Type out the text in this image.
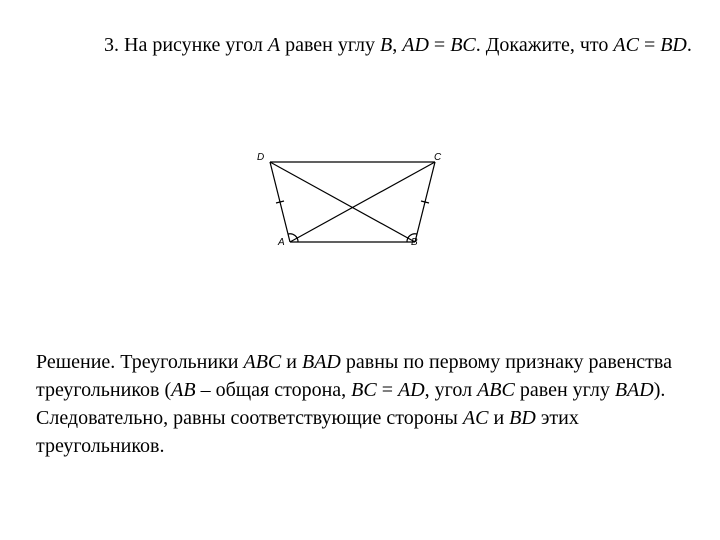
3. На рисунке угол A равен углу B, AD = BC. Докажите, что AC = BD.

D	C
A	B

Решение. Треугольники ABC и BAD равны по первому признаку равенства треугольников (AB – общая сторона, BC = AD, угол ABC равен углу BAD). Следовательно, равны соответствующие стороны AC и BD этих треугольников.
